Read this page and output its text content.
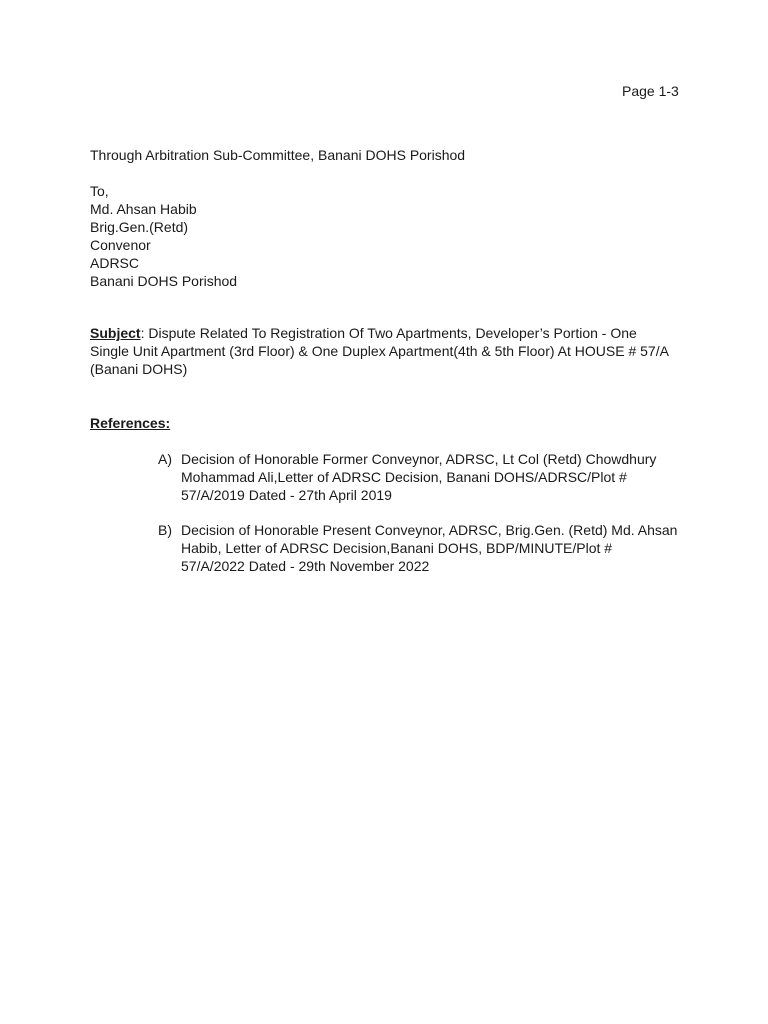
Page 1-3
Through Arbitration Sub-Committee, Banani DOHS Porishod
To,
Md. Ahsan Habib
Brig.Gen.(Retd)
Convenor
ADRSC
Banani DOHS Porishod
Subject: Dispute Related To Registration Of Two Apartments, Developer’s Portion - One Single Unit Apartment (3rd Floor) & One Duplex Apartment(4th & 5th Floor) At HOUSE # 57/A (Banani DOHS)
References:
A) Decision of Honorable Former Conveynor, ADRSC, Lt Col (Retd) Chowdhury Mohammad Ali,Letter of ADRSC Decision, Banani DOHS/ADRSC/Plot # 57/A/2019 Dated - 27th April 2019
B) Decision of Honorable Present Conveynor, ADRSC, Brig.Gen. (Retd) Md. Ahsan Habib, Letter of ADRSC Decision,Banani DOHS, BDP/MINUTE/Plot # 57/A/2022 Dated - 29th November 2022
